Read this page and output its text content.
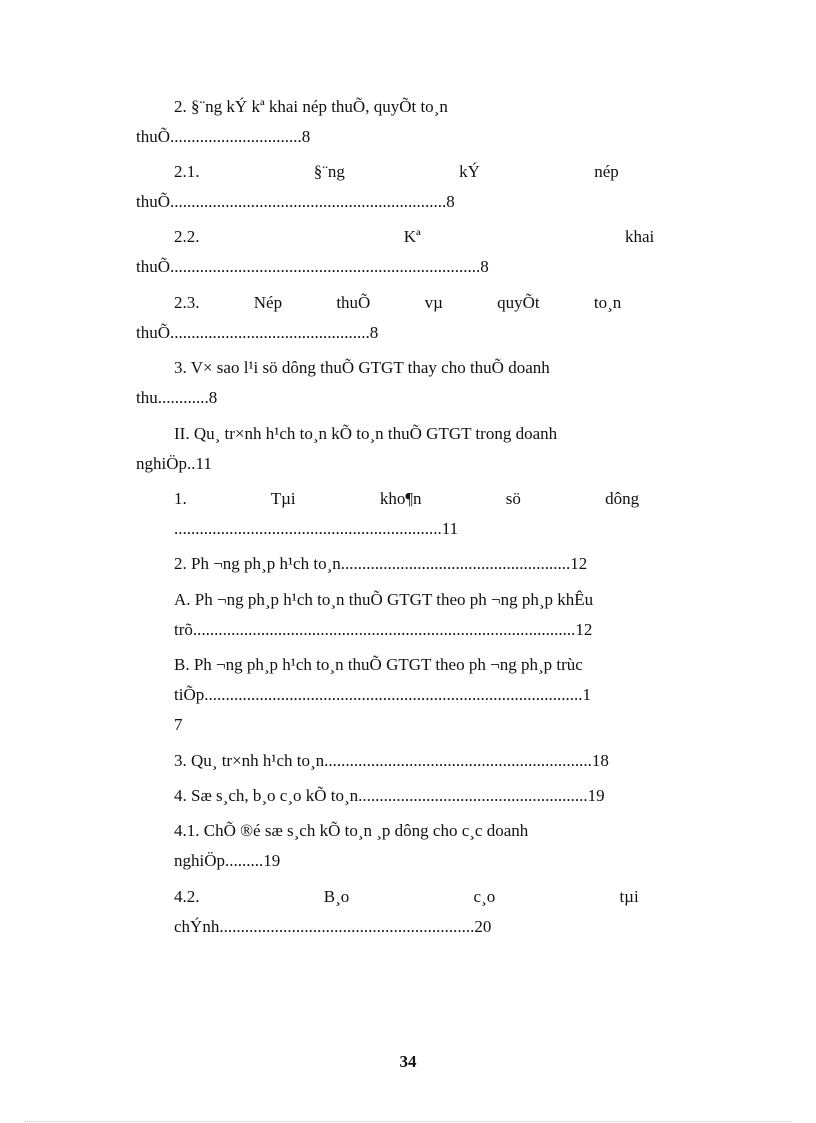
2. §¨ng kÝ kª khai nép thuÕ, quyÕt to¸n
thuÕ...............................8
2.1. §¨ng kÝ nép
thuÕ.................................................................8
2.2. Kª khai
thuÕ.........................................................................8
2.3. Nép thuÕ vµ quyÕt to¸n
thuÕ...............................................8
3. V× sao l¹i sö dông thuÕ GTGT thay cho thuÕ doanh
thu............8
II. Qu¸ tr×nh h¹ch to¸n kÕ to¸n thuÕ GTGT trong doanh
nghiÖp..11
1. Tµi kho¶n sö dông
...............................................................11
2. Ph ¬ng ph¸p h¹ch to¸n......................................................12
A. Ph ¬ng ph¸p h¹ch to¸n thuÕ GTGT theo ph ¬ng ph¸p khÊu
trõ..........................................................................................12
B. Ph ¬ng ph¸p h¹ch to¸n thuÕ GTGT theo ph ¬ng ph¸p trùc
tiÕp.........................................................................................1
7
3. Qu¸ tr×nh h¹ch to¸n...............................................................18
4. Sæ s¸ch, b¸o c¸o kÕ to¸n......................................................19
4.1. ChÕ ®é sæ s¸ch kÕ to¸n ¸p dông cho c¸c doanh
nghiÖp.........19
4.2. B¸o c¸o tµi
chÝnh............................................................20
34
